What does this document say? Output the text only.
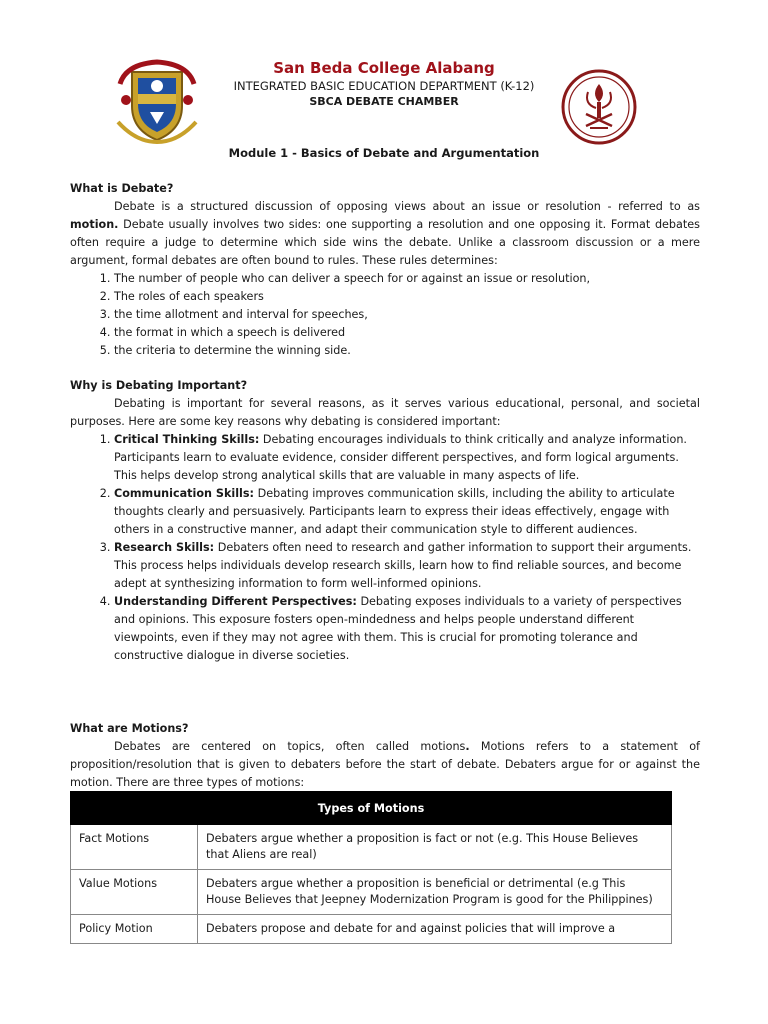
San Beda College Alabang

INTEGRATED BASIC EDUCATION DEPARTMENT (K-12)

SBCA DEBATE CHAMBER

Module 1 - Basics of Debate and Argumentation

What is Debate?

Debate is a structured discussion of opposing views about an issue or resolution - referred to as motion. Debate usually involves two sides: one supporting a resolution and one opposing it. Format debates often require a judge to determine which side wins the debate. Unlike a classroom discussion or a mere argument, formal debates are often bound to rules. These rules determines:

1. The number of people who can deliver a speech for or against an issue or resolution,
2. The roles of each speakers
3. the time allotment and interval for speeches,
4. the format in which a speech is delivered
5. the criteria to determine the winning side.

Why is Debating Important?

Debating is important for several reasons, as it serves various educational, personal, and societal purposes. Here are some key reasons why debating is considered important:

1. Critical Thinking Skills: Debating encourages individuals to think critically and analyze information. Participants learn to evaluate evidence, consider different perspectives, and form logical arguments. This helps develop strong analytical skills that are valuable in many aspects of life.
2. Communication Skills: Debating improves communication skills, including the ability to articulate thoughts clearly and persuasively. Participants learn to express their ideas effectively, engage with others in a constructive manner, and adapt their communication style to different audiences.
3. Research Skills: Debaters often need to research and gather information to support their arguments. This process helps individuals develop research skills, learn how to find reliable sources, and become adept at synthesizing information to form well-informed opinions.
4. Understanding Different Perspectives: Debating exposes individuals to a variety of perspectives and opinions. This exposure fosters open-mindedness and helps people understand different viewpoints, even if they may not agree with them. This is crucial for promoting tolerance and constructive dialogue in diverse societies.

What are Motions?

Debates are centered on topics, often called motions. Motions refers to a statement of proposition/resolution that is given to debaters before the start of debate. Debaters argue for or against the motion. There are three types of motions:

Types of Motions	
Fact Motions	Debaters argue whether a proposition is fact or not (e.g. This House Believes that Aliens are real)
Value Motions	Debaters argue whether a proposition is beneficial or detrimental (e.g This House Believes that Jeepney Modernization Program is good for the Philippines)
Policy Motion	Debaters propose and debate for and against policies that will improve a
